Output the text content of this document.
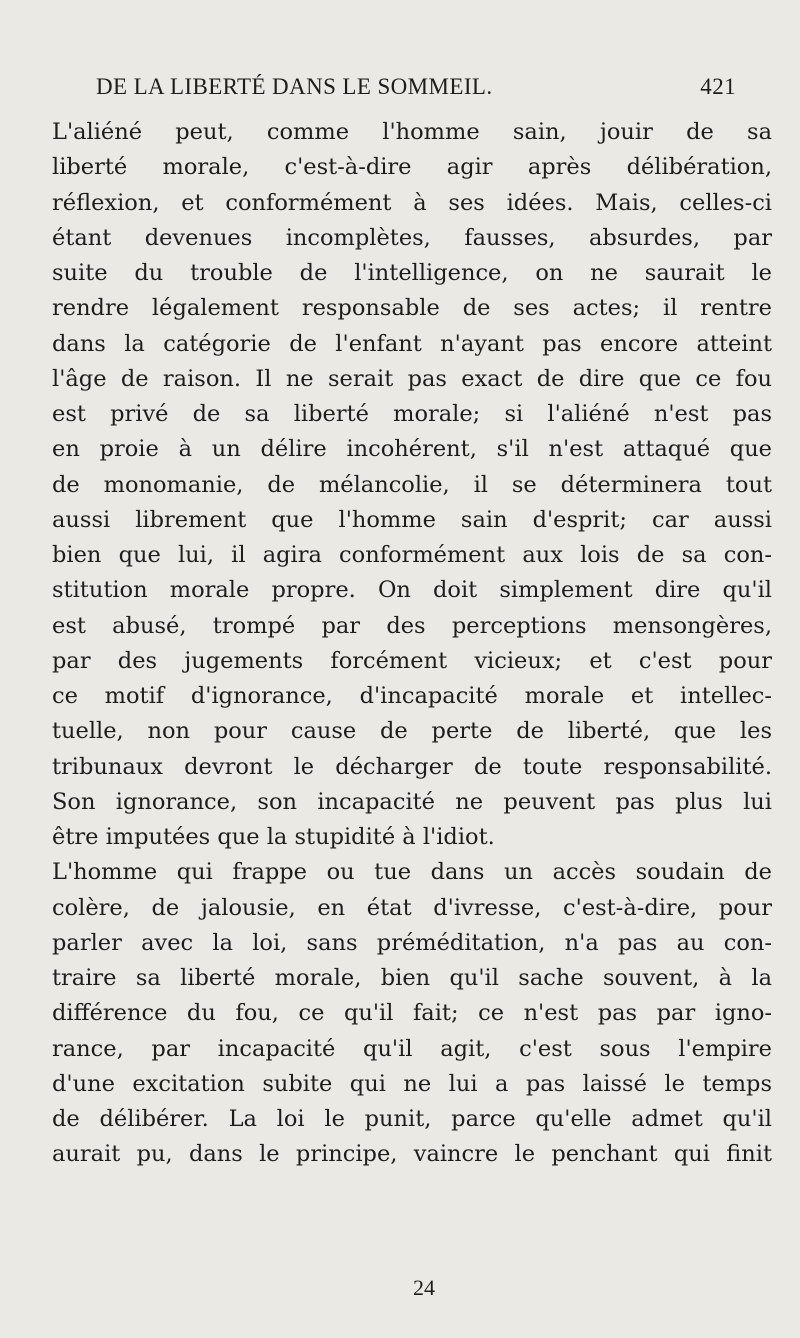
DE LA LIBERTÉ DANS LE SOMMEIL.	421
L'aliéné peut, comme l'homme sain, jouir de sa
liberté morale, c'est-à-dire agir après délibération,
réflexion, et conformément à ses idées. Mais, celles-ci
étant devenues incomplètes, fausses, absurdes, par
suite du trouble de l'intelligence, on ne saurait le
rendre légalement responsable de ses actes; il rentre
dans la catégorie de l'enfant n'ayant pas encore atteint
l'âge de raison. Il ne serait pas exact de dire que ce fou
est privé de sa liberté morale; si l'aliéné n'est pas
en proie à un délire incohérent, s'il n'est attaqué que
de monomanie, de mélancolie, il se déterminera tout
aussi librement que l'homme sain d'esprit; car aussi
bien que lui, il agira conformément aux lois de sa con-
stitution morale propre. On doit simplement dire qu'il
est abusé, trompé par des perceptions mensongères,
par des jugements forcément vicieux; et c'est pour
ce motif d'ignorance, d'incapacité morale et intellec-
tuelle, non pour cause de perte de liberté, que les
tribunaux devront le décharger de toute responsabilité.
Son ignorance, son incapacité ne peuvent pas plus lui
être imputées que la stupidité à l'idiot.
L'homme qui frappe ou tue dans un accès soudain de
colère, de jalousie, en état d'ivresse, c'est-à-dire, pour
parler avec la loi, sans préméditation, n'a pas au con-
traire sa liberté morale, bien qu'il sache souvent, à la
différence du fou, ce qu'il fait; ce n'est pas par igno-
rance, par incapacité qu'il agit, c'est sous l'empire
d'une excitation subite qui ne lui a pas laissé le temps
de délibérer. La loi le punit, parce qu'elle admet qu'il
aurait pu, dans le principe, vaincre le penchant qui finit
24
